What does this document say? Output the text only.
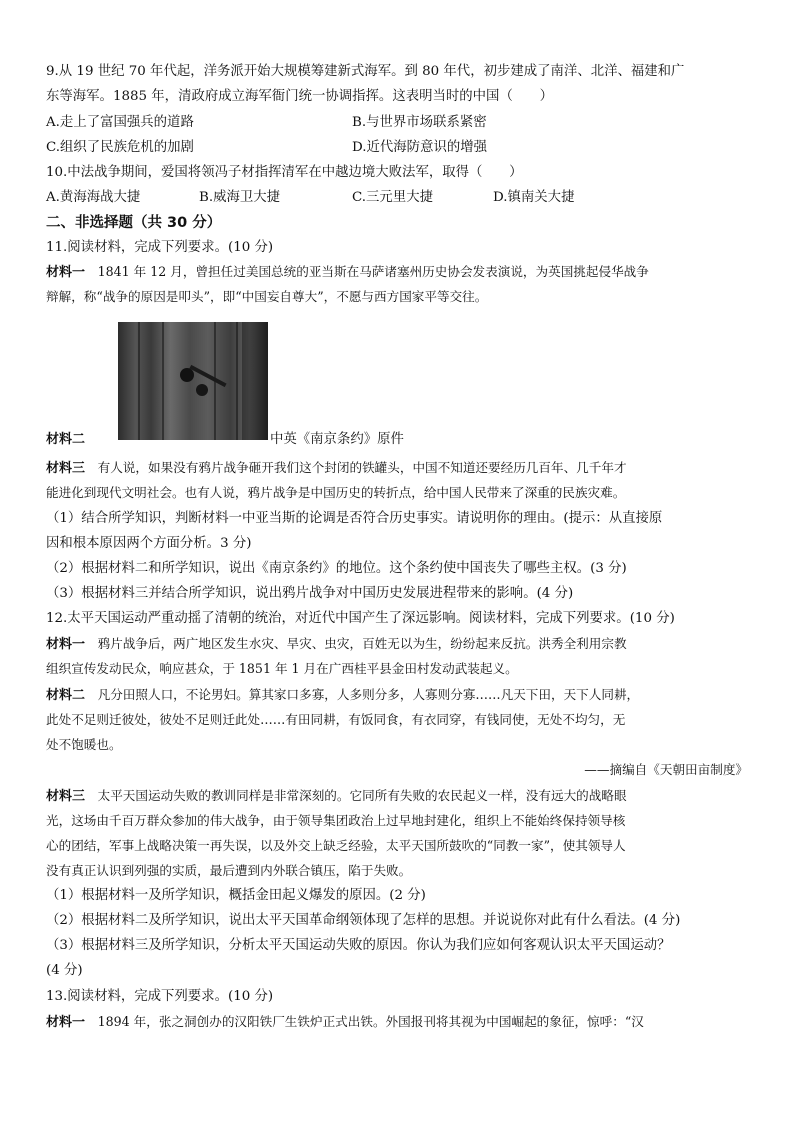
9.从 19 世纪 70 年代起，洋务派开始大规模筹建新式海军。到 80 年代，初步建成了南洋、北洋、福建和广
东等海军。1885 年，清政府成立海军衙门统一协调指挥。这表明当时的中国（　　）
A.走上了富国强兵的道路	B.与世界市场联系紧密
C.组织了民族危机的加剧	D.近代海防意识的增强
10.中法战争期间，爱国将领冯子材指挥清军在中越边境大败法军，取得（　　）
A.黄海海战大捷	B.威海卫大捷	C.三元里大捷	D.镇南关大捷
二、非选择题（共 30 分）
11.阅读材料，完成下列要求。(10 分)
材料一　1841 年 12 月，曾担任过美国总统的亚当斯在马萨诸塞州历史协会发表演说，为英国挑起侵华战争
辩解，称“战争的原因是叩头”，即“中国妄自尊大”，不愿与西方国家平等交往。
材料二	中英《南京条约》原件
材料三　有人说，如果没有鸦片战争砸开我们这个封闭的铁罐头，中国不知道还要经历几百年、几千年才
能进化到现代文明社会。也有人说，鸦片战争是中国历史的转折点，给中国人民带来了深重的民族灾难。
（1）结合所学知识，判断材料一中亚当斯的论调是否符合历史事实。请说明你的理由。(提示：从直接原
因和根本原因两个方面分析。3 分)
（2）根据材料二和所学知识，说出《南京条约》的地位。这个条约使中国丧失了哪些主权。(3 分)
（3）根据材料三并结合所学知识，说出鸦片战争对中国历史发展进程带来的影响。(4 分)
12.太平天国运动严重动摇了清朝的统治，对近代中国产生了深远影响。阅读材料，完成下列要求。(10 分)
材料一　鸦片战争后，两广地区发生水灾、旱灾、虫灾，百姓无以为生，纷纷起来反抗。洪秀全利用宗教
组织宣传发动民众，响应甚众，于 1851 年 1 月在广西桂平县金田村发动武装起义。
材料二　凡分田照人口，不论男妇。算其家口多寡，人多则分多，人寡则分寡……凡天下田，天下人同耕，
此处不足则迁彼处，彼处不足则迁此处……有田同耕，有饭同食，有衣同穿，有钱同使，无处不均匀，无
处不饱暖也。
——摘编自《天朝田亩制度》
材料三　太平天国运动失败的教训同样是非常深刻的。它同所有失败的农民起义一样，没有远大的战略眼
光，这场由千百万群众参加的伟大战争，由于领导集团政治上过早地封建化，组织上不能始终保持领导核
心的团结，军事上战略决策一再失误，以及外交上缺乏经验，太平天国所鼓吹的“同教一家”，使其领导人
没有真正认识到列强的实质，最后遭到内外联合镇压，陷于失败。
（1）根据材料一及所学知识，概括金田起义爆发的原因。(2 分)
（2）根据材料二及所学知识，说出太平天国革命纲领体现了怎样的思想。并说说你对此有什么看法。(4 分)
（3）根据材料三及所学知识，分析太平天国运动失败的原因。你认为我们应如何客观认识太平天国运动？
(4 分)
13.阅读材料，完成下列要求。(10 分)
材料一　1894 年，张之洞创办的汉阳铁厂生铁炉正式出铁。外国报刊将其视为中国崛起的象征，惊呼：“汉
